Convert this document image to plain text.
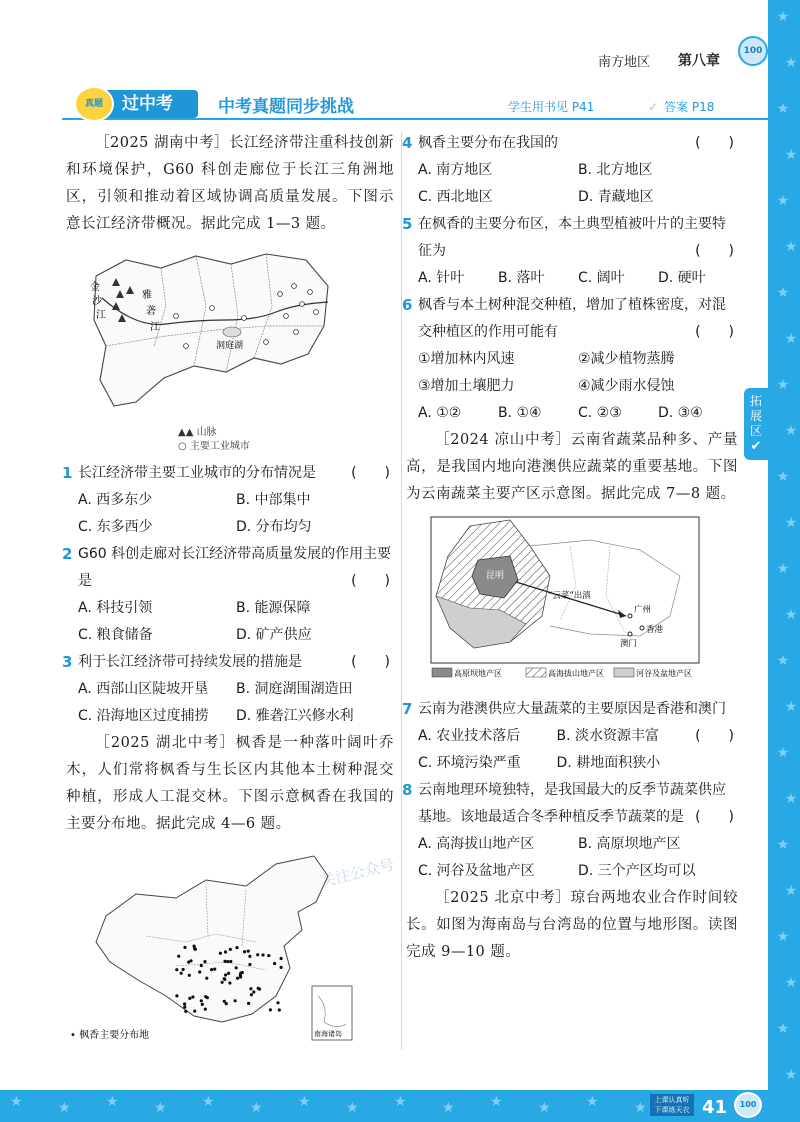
★
★
★
★
★
★
★
★
★
★
★
★
★
★
★
★
★
★
★
★
★
★
★
★
★	★	★	★	★	★	★	★	★	★	★	★	★	★
南方地区 第八章
100
真题	过中考	中考真题同步挑战	学生用书见 P41	✓ 答案 P18
拓
展
区
✔

［2025 湖南中考］长江经济带注重科技创新和环境保护，G60 科创走廊位于长江三角洲地区，引领和推动着区域协调高质量发展。下图示意长江经济带概况。据此完成 1—3 题。

金
沙
江
雅
砻
江
洞庭湖
▲▲ 山脉
○ 主要工业城市
1 长江经济带主要工业城市的分布情况是	(　　)
A. 西多东少	B. 中部集中
C. 东多西少	D. 分布均匀
2 G60 科创走廊对长江经济带高质量发展的作用主要是	(　　)
A. 科技引领	B. 能源保障
C. 粮食储备	D. 矿产供应
3 利于长江经济带可持续发展的措施是	(　　)
A. 西部山区陡坡开垦	B. 洞庭湖围湖造田
C. 沿海地区过度捕捞	D. 雅砻江兴修水利

［2025 湖北中考］枫香是一种落叶阔叶乔木，人们常将枫香与生长区内其他本土树种混交种植，形成人工混交林。下图示意枫香在我国的主要分布地。据此完成 4—6 题。

南海诸岛
• 枫香主要分布地
4 枫香主要分布在我国的	(　　)
A. 南方地区	B. 北方地区
C. 西北地区	D. 青藏地区
5 在枫香的主要分布区，本土典型植被叶片的主要特征为	(　　)
A. 针叶	B. 落叶	C. 阔叶	D. 硬叶
6 枫香与本土树种混交种植，增加了植株密度，对混交种植区的作用可能有	(　　)
①增加林内风速	②减少植物蒸腾
③增加土壤肥力	④减少雨水侵蚀
A. ①②	B. ①④	C. ②③	D. ③④

［2024 凉山中考］云南省蔬菜品种多、产量高，是我国内地向港澳供应蔬菜的重要基地。下图为云南蔬菜主要产区示意图。据此完成 7—8 题。

昆明
“云菜”出滇
广州
香港
澳门
高原坝地产区	高海拔山地产区	河谷及盆地产区
7 云南为港澳供应大量蔬菜的主要原因是香港和澳门
(　　)
A. 农业技术落后	B. 淡水资源丰富
C. 环境污染严重	D. 耕地面积狭小
8 云南地理环境独特，是我国最大的反季节蔬菜供应基地。该地最适合冬季种植反季节蔬菜的是 (　　)
A. 高海拔山地产区	B. 高原坝地产区
C. 河谷及盆地产区	D. 三个产区均可以

［2025 北京中考］琼台两地农业合作时间较长。如图为海南岛与台湾岛的位置与地形图。读图完成 9—10 题。

关注公众号
上课认真听 下课练天衣 41	100
